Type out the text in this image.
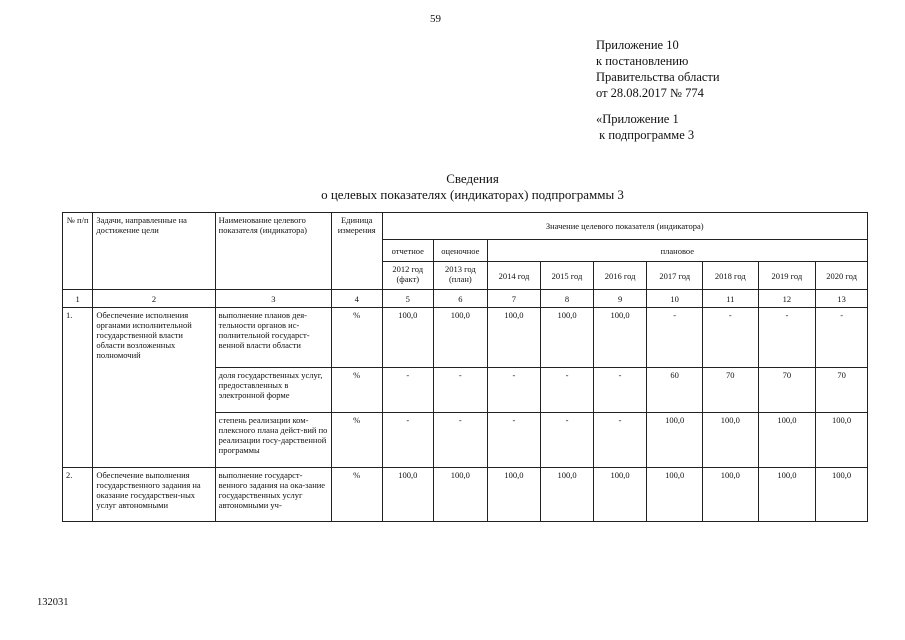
59
Приложение 10
к постановлению
Правительства области
от 28.08.2017 № 774
«Приложение 1
к подпрограмме 3
Сведения
о целевых показателях (индикаторах) подпрограммы 3
№ п/п	Задачи, направленные на достижение цели	Наименование целевого показателя (индикатора)	Единица измерения	Значение целевого показателя (индикатора)								
				отчетное	оценочное	плановое						
				2012 год (факт)	2013 год (план)	2014 год	2015 год	2016 год	2017 год	2018 год	2019 год	2020 год
1	2	3	4	5	6	7	8	9	10	11	12	13
1.	Обеспечение исполнения органами исполнительной государственной власти области возложенных полномочий	выполнение планов дея-тельности органов ис-полнительной государст-венной власти области	%	100,0	100,0	100,0	100,0	100,0	-	-	-	-
		доля государственных услуг, предоставленных в электронной форме	%	-	-	-	-	-	60	70	70	70
		степень реализации ком-плексного плана дейст-вий по реализации госу-дарственной программы	%	-	-	-	-	-	100,0	100,0	100,0	100,0
2.	Обеспечение выполнения государственного задания на оказание государствен-ных услуг автономными	выполнение государст-венного задания на ока-зание государственных услуг автономными уч-	%	100,0	100,0	100,0	100,0	100,0	100,0	100,0	100,0	100,0
132031
